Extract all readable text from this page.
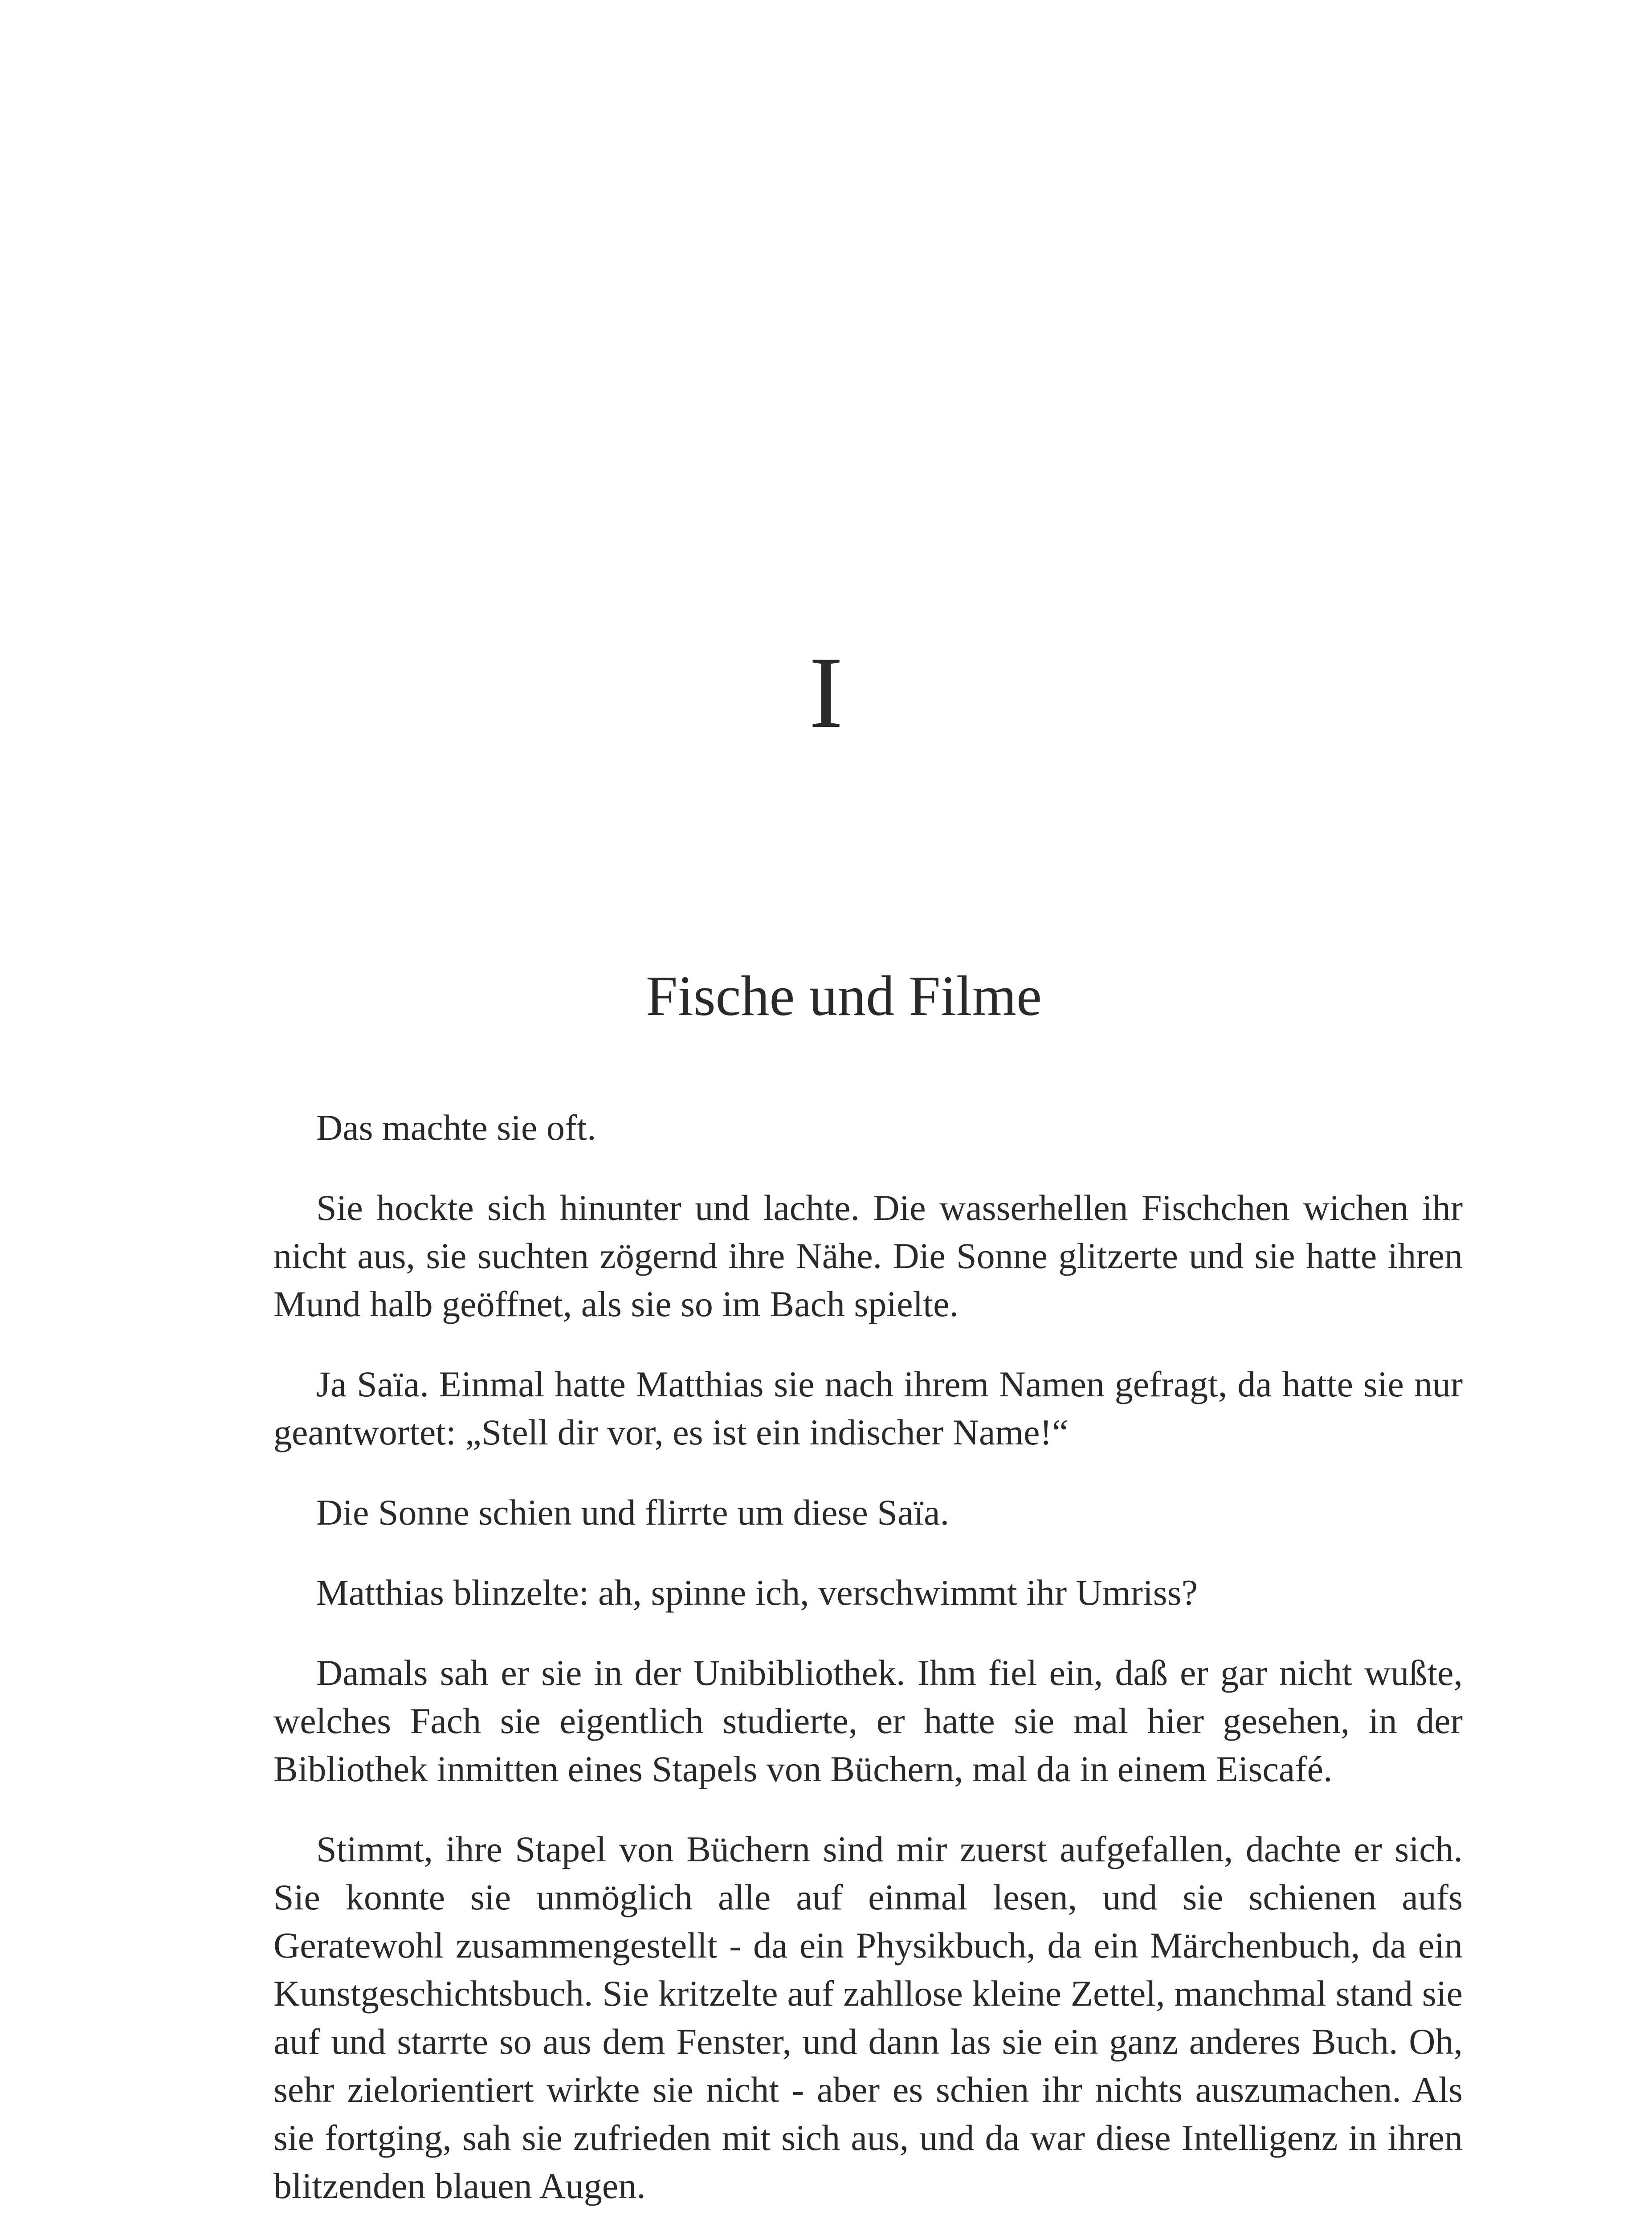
I
Fische und Filme

Das machte sie oft.

Sie hockte sich hinunter und lachte. Die wasserhellen Fischchen wichen ihr nicht aus, sie suchten zögernd ihre Nähe. Die Sonne glitzerte und sie hatte ihren Mund halb geöffnet, als sie so im Bach spielte.

Ja Saïa. Einmal hatte Matthias sie nach ihrem Namen gefragt, da hatte sie nur geantwortet: „Stell dir vor, es ist ein indischer Name!“

Die Sonne schien und flirrte um diese Saïa.

Matthias blinzelte: ah, spinne ich, verschwimmt ihr Umriss?

Damals sah er sie in der Unibibliothek. Ihm fiel ein, daß er gar nicht wußte, welches Fach sie eigentlich studierte, er hatte sie mal hier gesehen, in der Bibliothek inmitten eines Stapels von Büchern, mal da in einem Eiscafé.

Stimmt, ihre Stapel von Büchern sind mir zuerst aufgefallen, dachte er sich. Sie konnte sie unmöglich alle auf einmal lesen, und sie schienen aufs Geratewohl zusammengestellt - da ein Physikbuch, da ein Märchenbuch, da ein Kunstgeschichtsbuch. Sie kritzelte auf zahllose kleine Zettel, manchmal stand sie auf und starrte so aus dem Fenster, und dann las sie ein ganz anderes Buch. Oh, sehr zielorientiert wirkte sie nicht - aber es schien ihr nichts auszumachen. Als sie fortging, sah sie zufrieden mit sich aus, und da war diese Intelligenz in ihren blitzenden blauen Augen.
